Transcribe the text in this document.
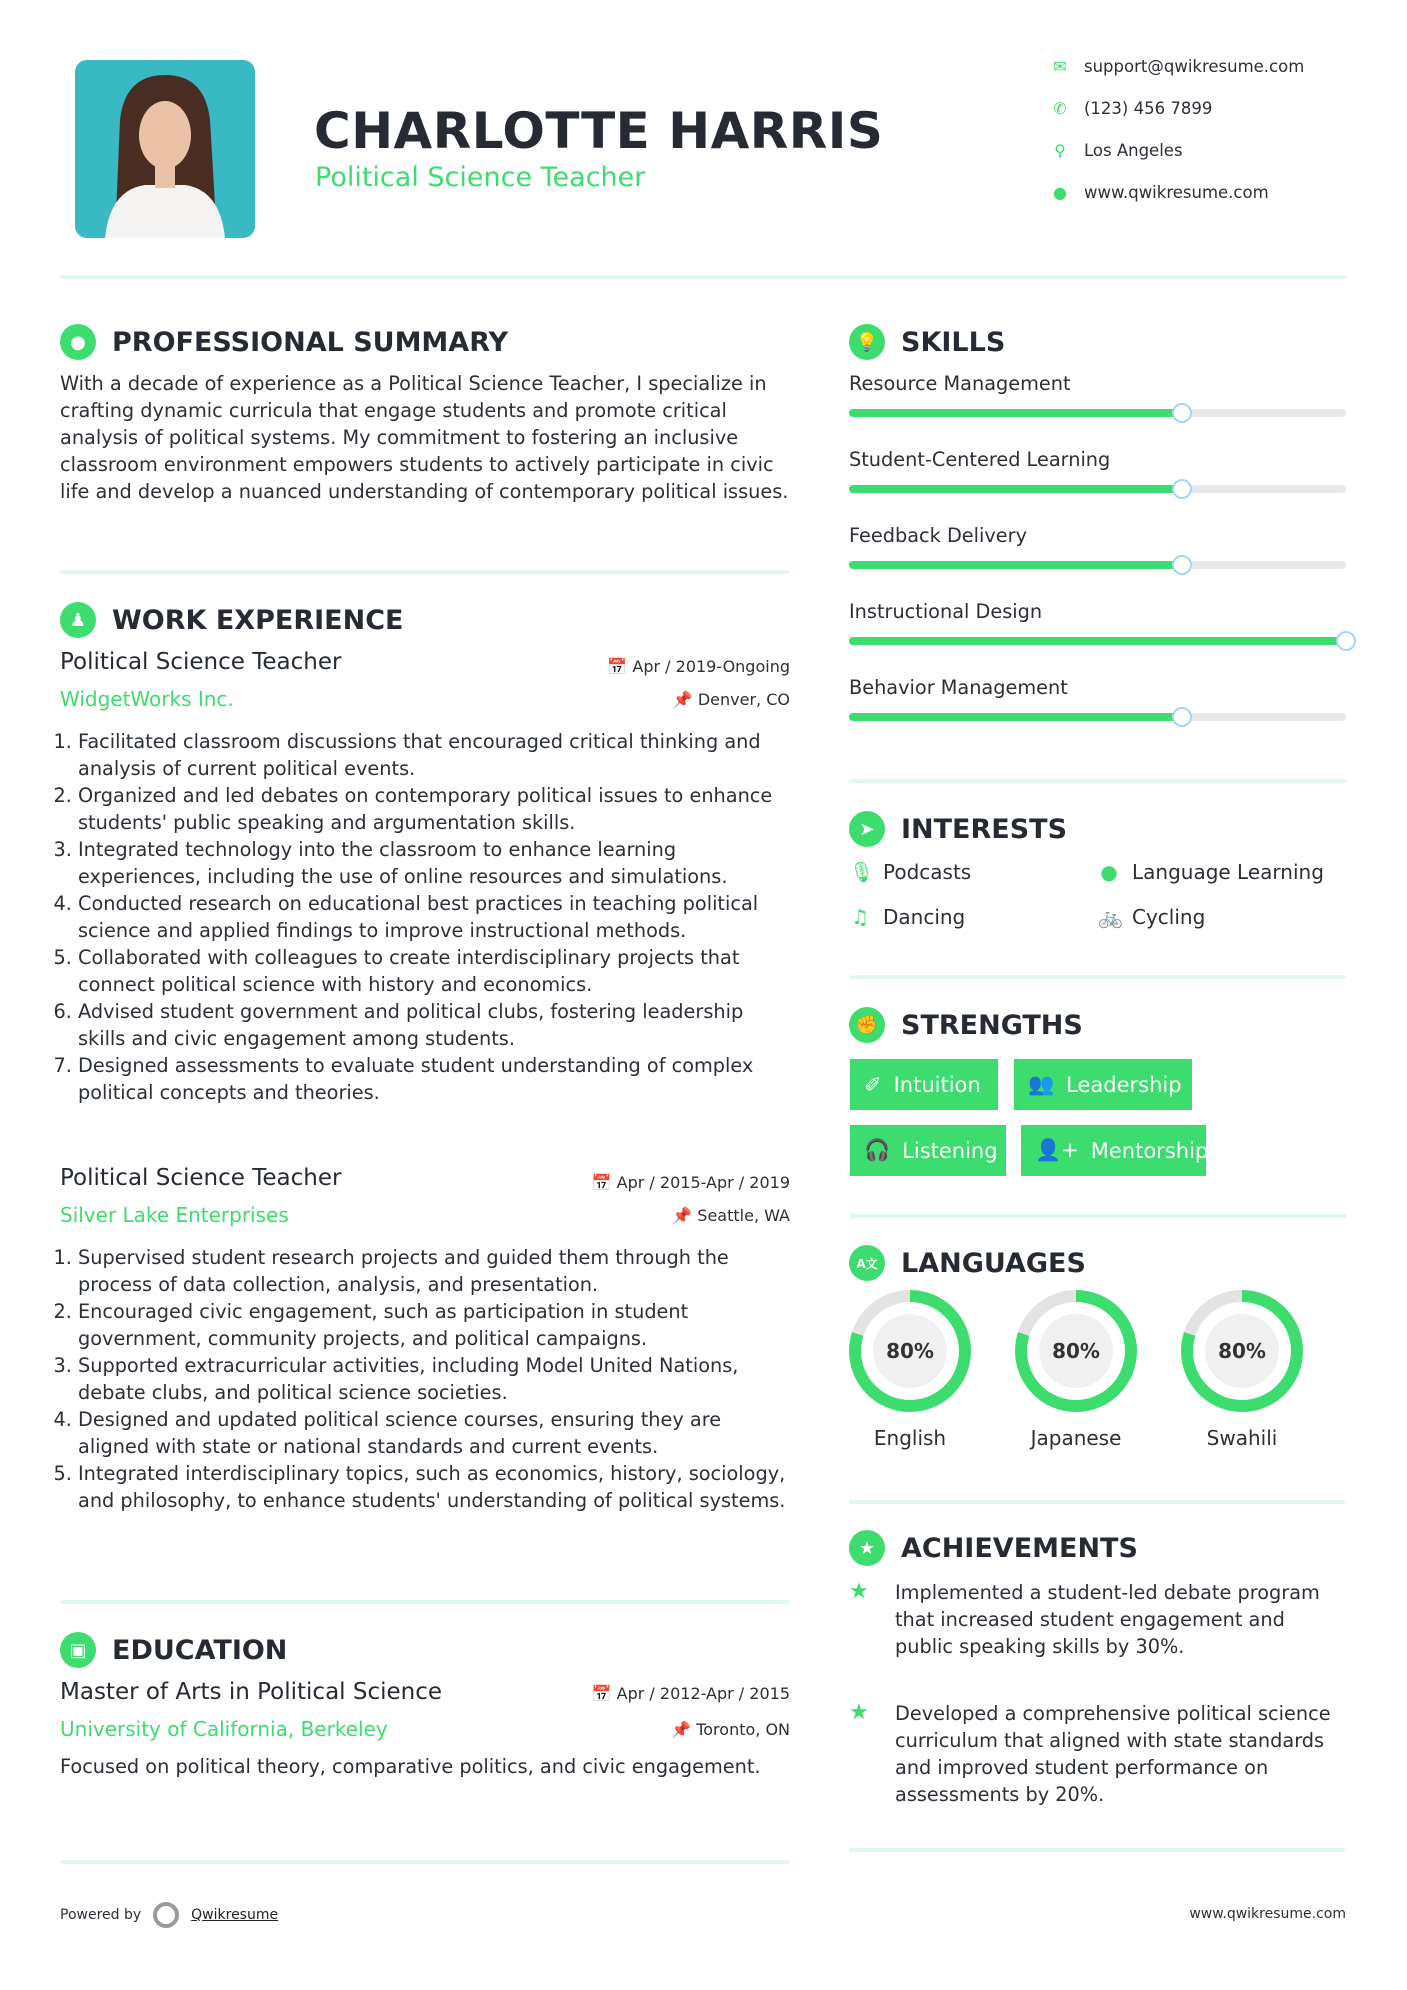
CHARLOTTE HARRIS
Political Science Teacher
✉ support@qwikresume.com
✆ (123) 456 7899
⚲ Los Angeles
● www.qwikresume.com
● PROFESSIONAL SUMMARY

With a decade of experience as a Political Science Teacher, I specialize in crafting dynamic curricula that engage students and promote critical analysis of political systems. My commitment to fostering an inclusive classroom environment empowers students to actively participate in civic life and develop a nuanced understanding of contemporary political issues.

♟ WORK EXPERIENCE
Political Science Teacher	📅 Apr / 2019-Ongoing
WidgetWorks Inc.	📌 Denver, CO
1. Facilitated classroom discussions that encouraged critical thinking and analysis of current political events.
2. Organized and led debates on contemporary political issues to enhance students' public speaking and argumentation skills.
3. Integrated technology into the classroom to enhance learning experiences, including the use of online resources and simulations.
4. Conducted research on educational best practices in teaching political science and applied findings to improve instructional methods.
5. Collaborated with colleagues to create interdisciplinary projects that connect political science with history and economics.
6. Advised student government and political clubs, fostering leadership skills and civic engagement among students.
7. Designed assessments to evaluate student understanding of complex political concepts and theories.
Political Science Teacher	📅 Apr / 2015-Apr / 2019
Silver Lake Enterprises	📌 Seattle, WA
1. Supervised student research projects and guided them through the process of data collection, analysis, and presentation.
2. Encouraged civic engagement, such as participation in student government, community projects, and political campaigns.
3. Supported extracurricular activities, including Model United Nations, debate clubs, and political science societies.
4. Designed and updated political science courses, ensuring they are aligned with state or national standards and current events.
5. Integrated interdisciplinary topics, such as economics, history, sociology, and philosophy, to enhance students' understanding of political systems.
▣ EDUCATION
Master of Arts in Political Science	📅 Apr / 2012-Apr / 2015
University of California, Berkeley	📌 Toronto, ON

Focused on political theory, comparative politics, and civic engagement.

💡 SKILLS
Resource Management
Student-Centered Learning
Feedback Delivery
Instructional Design
Behavior Management
➤ INTERESTS
🎙 Podcasts	● Language Learning
♫ Dancing	🚲 Cycling
✊ STRENGTHS
✐ Intuition 👥 Leadership
🎧 Listening 👤+ Mentorship
A文 LANGUAGES
80%
English
80%
Japanese
80%
Swahili
★ ACHIEVEMENTS
★	Implemented a student-led debate program that increased student engagement and public speaking skills by 30%.
★	Developed a comprehensive political science curriculum that aligned with state standards and improved student performance on assessments by 20%.
Powered by	Qwikresume	www.qwikresume.com
